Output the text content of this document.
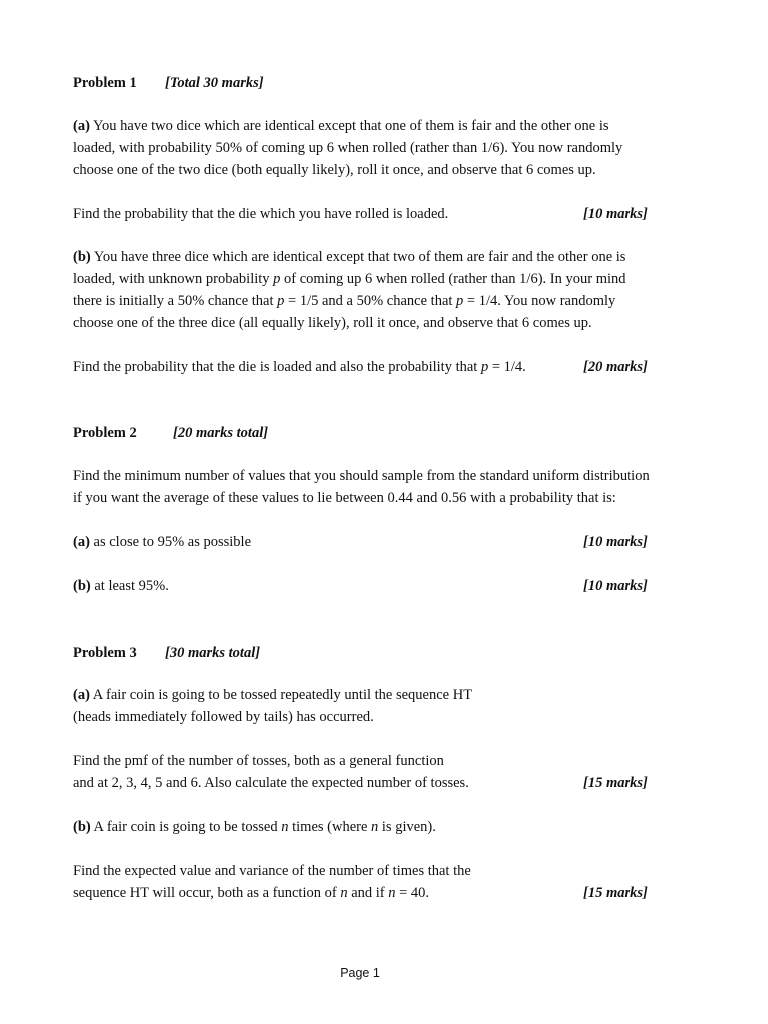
Problem 1 [Total 30 marks]
(a) You have two dice which are identical except that one of them is fair and the other one is
loaded, with probability 50% of coming up 6 when rolled (rather than 1/6). You now randomly
choose one of the two dice (both equally likely), roll it once, and observe that 6 comes up.
Find the probability that the die which you have rolled is loaded.	[10 marks]
(b) You have three dice which are identical except that two of them are fair and the other one is
loaded, with unknown probability p of coming up 6 when rolled (rather than 1/6). In your mind
there is initially a 50% chance that p = 1/5 and a 50% chance that p = 1/4. You now randomly
choose one of the three dice (all equally likely), roll it once, and observe that 6 comes up.
Find the probability that the die is loaded and also the probability that p = 1/4.	[20 marks]
Problem 2 [20 marks total]
Find the minimum number of values that you should sample from the standard uniform distribution
if you want the average of these values to lie between 0.44 and 0.56 with a probability that is:
(a) as close to 95% as possible	[10 marks]
(b) at least 95%.	[10 marks]
Problem 3 [30 marks total]
(a) A fair coin is going to be tossed repeatedly until the sequence HT
(heads immediately followed by tails) has occurred.
Find the pmf of the number of tosses, both as a general function
and at 2, 3, 4, 5 and 6. Also calculate the expected number of tosses.	[15 marks]
(b) A fair coin is going to be tossed n times (where n is given).
Find the expected value and variance of the number of times that the
sequence HT will occur, both as a function of n and if n = 40.	[15 marks]
Page 1
